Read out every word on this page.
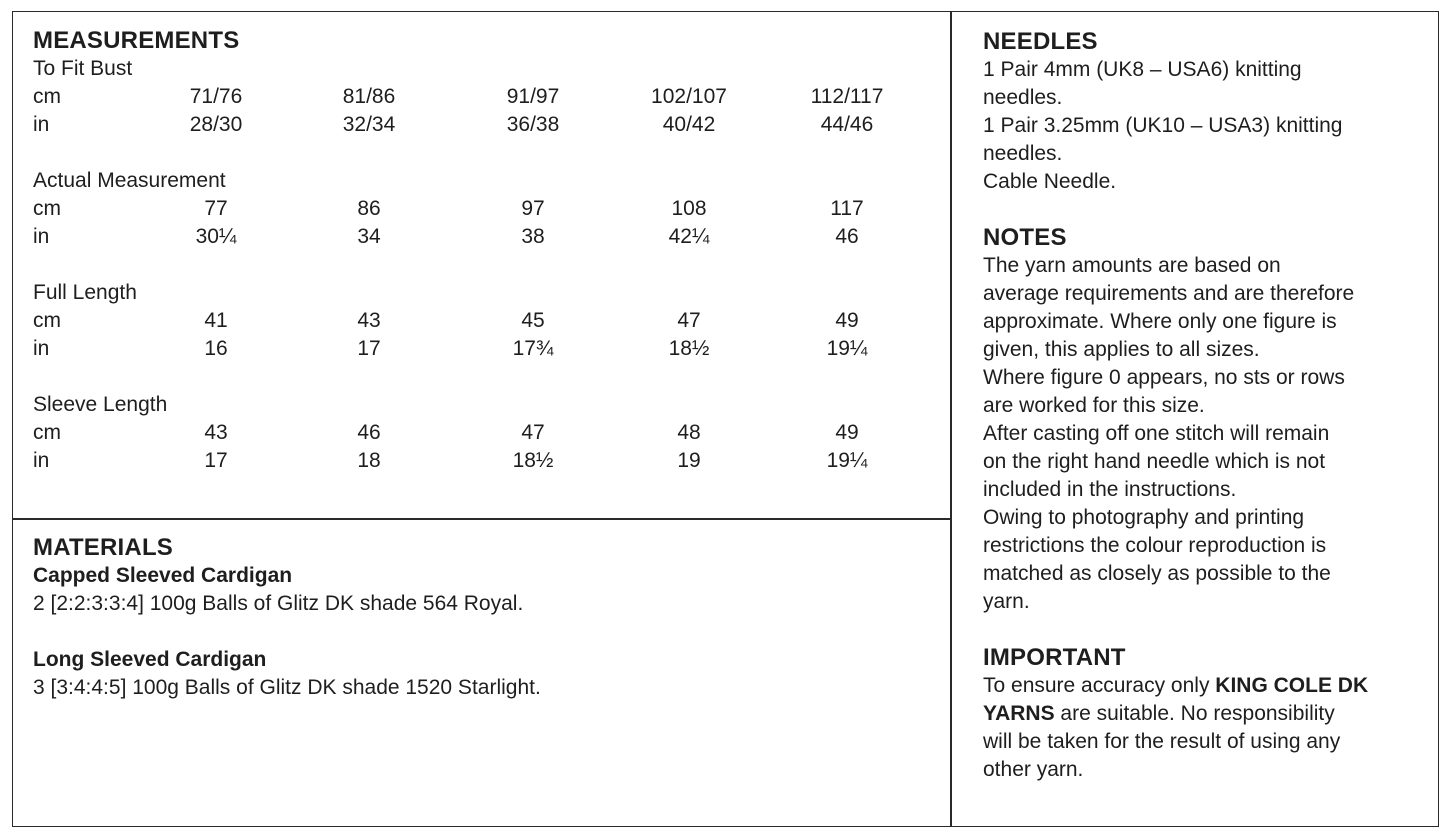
MEASUREMENTS

To Fit Bust

cm	71/76	81/86	91/97	102/107	112/117
in	28/30	32/34	36/38	40/42	44/46

Actual Measurement

cm	77	86	97	108	117
in	30¼	34	38	42¼	46

Full Length

cm	41	43	45	47	49
in	16	17	17¾	18½	19¼

Sleeve Length

cm	43	46	47	48	49
in	17	18	18½	19	19¼

MATERIALS

Capped Sleeved Cardigan

2 [2:2:3:3:4] 100g Balls of Glitz DK shade 564 Royal.

Long Sleeved Cardigan

3 [3:4:4:5] 100g Balls of Glitz DK shade 1520 Starlight.

NEEDLES

1 Pair 4mm (UK8 – USA6) knitting

needles.

1 Pair 3.25mm (UK10 – USA3) knitting

needles.

Cable Needle.

NOTES

The yarn amounts are based on

average requirements and are therefore

approximate. Where only one figure is

given, this applies to all sizes.

Where figure 0 appears, no sts or rows

are worked for this size.

After casting off one stitch will remain

on the right hand needle which is not

included in the instructions.

Owing to photography and printing

restrictions the colour reproduction is

matched as closely as possible to the

yarn.

IMPORTANT

To ensure accuracy only KING COLE DK

YARNS are suitable. No responsibility

will be taken for the result of using any

other yarn.
